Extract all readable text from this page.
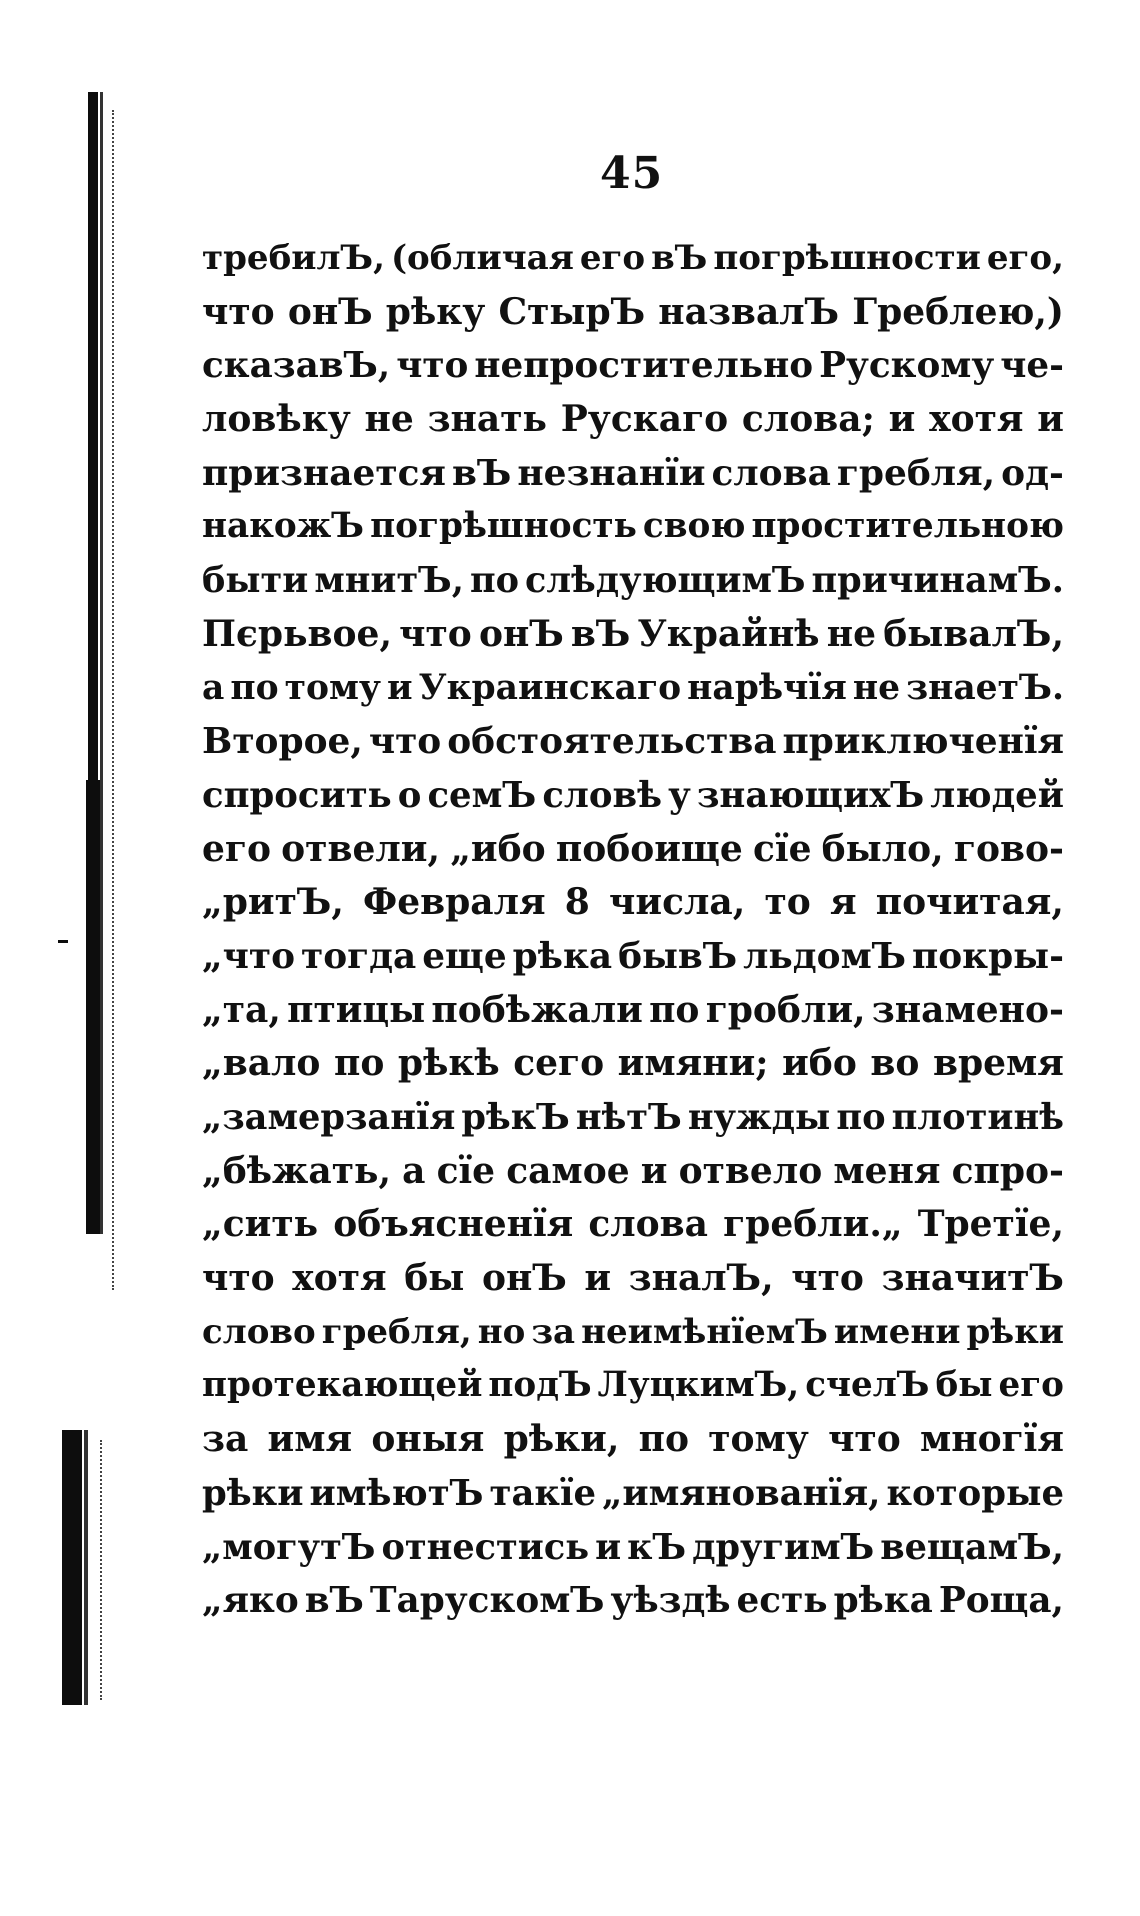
45
требилЪ, (обличая его вЪ погрѣшности его,
что онЪ рѣку СтырЪ назвалЪ Греблею,)
сказавЪ, что непростительно Рускому че-
ловѣку не знать Рускаго слова; и хотя и
признается вЪ незнанїи слова гребля, од-
накожЪ погрѣшность свою простительною
быти мнитЪ, по слѣдующимЪ причинамЪ.
Пєрьвое, что онЪ вЪ Украйнѣ не бывалЪ,
а по тому и Украинскаго нарѣчїя не знаетЪ.
Второе, что обстоятельства приключенїя
спросить о семЪ словѣ у знающихЪ людей
его отвели, „ибо побоище сїе было, гово-
„ритЪ, Февраля 8 числа, то я почитая,
„что тогда еще рѣка бывЪ льдомЪ покры-
„та, птицы побѣжали по гробли, знамено-
„вало по рѣкѣ сего имяни; ибо во время
„замерзанїя рѣкЪ нѣтЪ нужды по плотинѣ
„бѣжать, а сїе самое и отвело меня спро-
„сить объясненїя слова гребли.„ Третїе,
что хотя бы онЪ и зналЪ, что значитЪ
слово гребля, но за неимѣнїемЪ имени рѣки
протекающей подЪ ЛуцкимЪ, счелЪ бы его
за имя оныя рѣки, по тому что многїя
рѣки имѣютЪ такїе „имянованїя, которые
„могутЪ отнестись и кЪ другимЪ вещамЪ,
„яко вЪ ТарускомЪ уѣздѣ есть рѣка Роща,
